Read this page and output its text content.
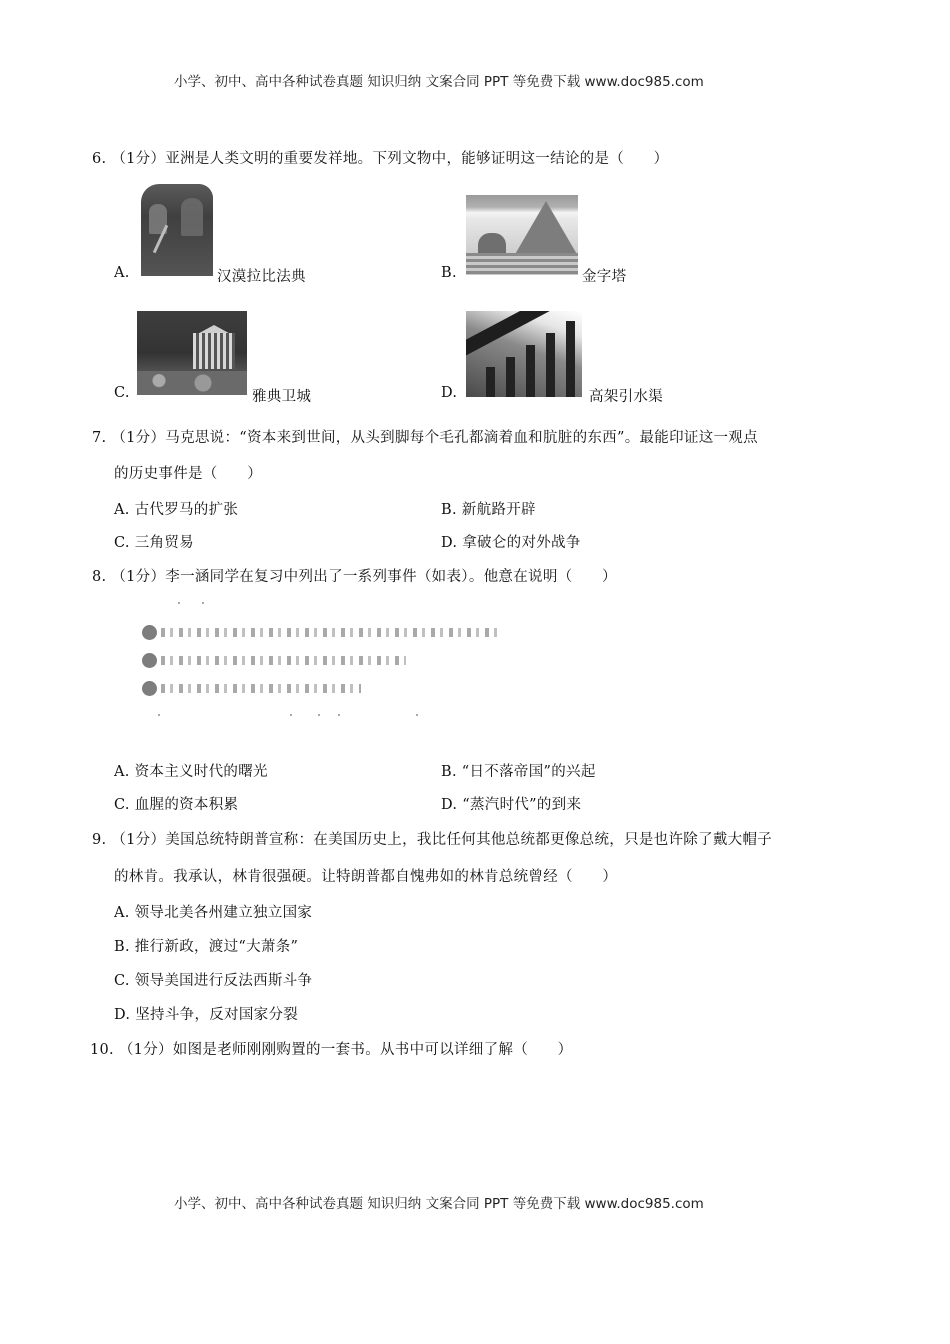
小学、初中、高中各种试卷真题 知识归纳 文案合同 PPT 等免费下载 www.doc985.com
6. （1分）亚洲是人类文明的重要发祥地。下列文物中，能够证明这一结论的是（　　）
A.	汉漠拉比法典	B.	金字塔
C.	雅典卫城	D.	高架引水渠
7. （1分）马克思说：“资本来到世间，从头到脚每个毛孔都滴着血和肮脏的东西”。最能印证这一观点
的历史事件是（　　）
A. 古代罗马的扩张	B. 新航路开辟
C. 三角贸易	D. 拿破仑的对外战争
8. （1分）李一涵同学在复习中列出了一系列事件（如表）。他意在说明（　　）
A. 资本主义时代的曙光	B. “日不落帝国”的兴起
C. 血腥的资本积累	D. “蒸汽时代”的到来
9. （1分）美国总统特朗普宣称：在美国历史上，我比任何其他总统都更像总统，只是也许除了戴大帽子
的林肯。我承认，林肯很强硬。让特朗普都自愧弗如的林肯总统曾经（　　）
A. 领导北美各州建立独立国家
B. 推行新政，渡过“大萧条”
C. 领导美国进行反法西斯斗争
D. 坚持斗争，反对国家分裂
10. （1分）如图是老师刚刚购置的一套书。从书中可以详细了解（　　）
小学、初中、高中各种试卷真题 知识归纳 文案合同 PPT 等免费下载 www.doc985.com
